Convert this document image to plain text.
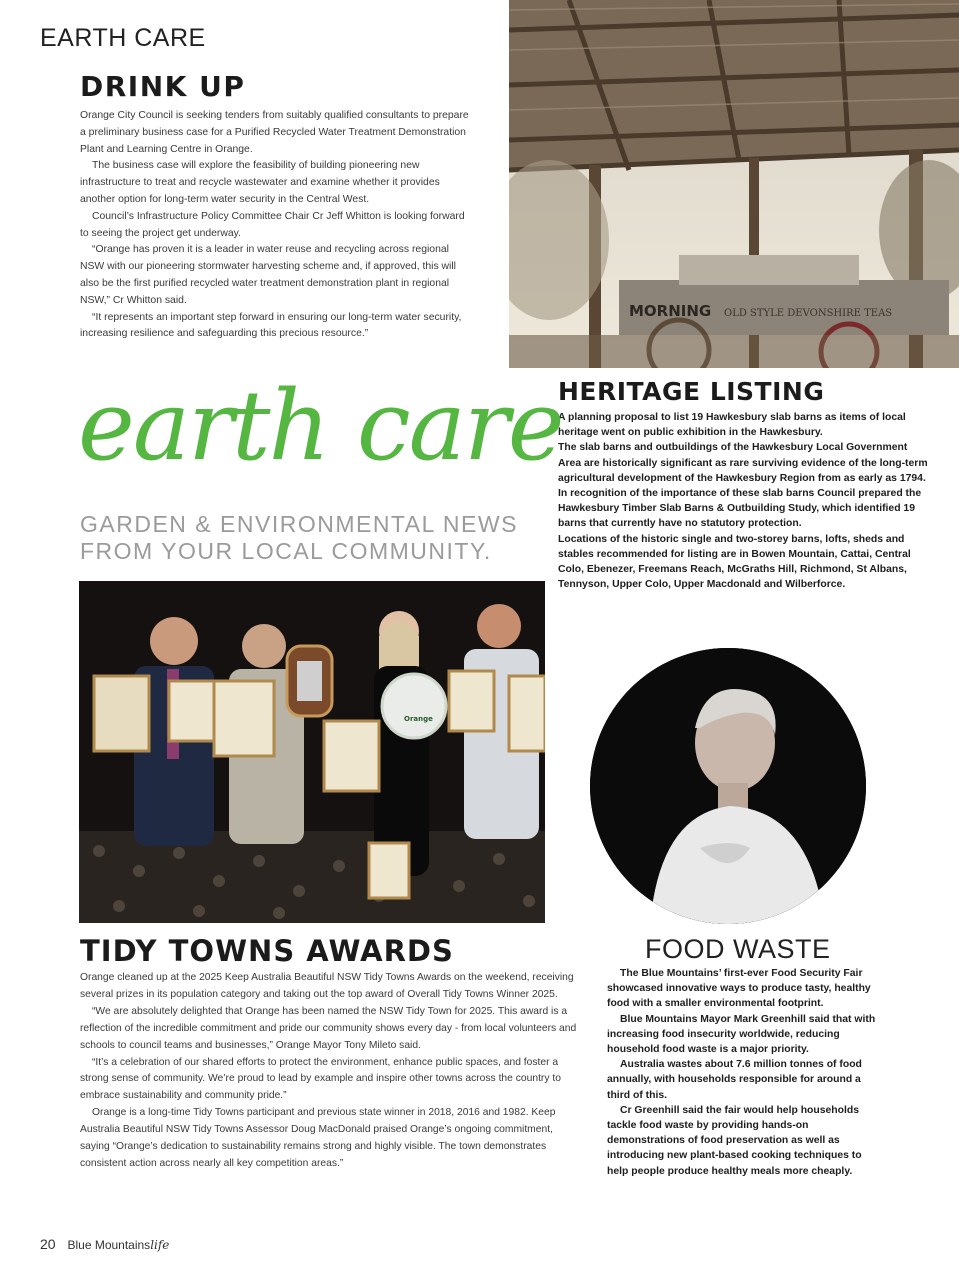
EARTH CARE
MORNING OLD STYLE DEVONSHIRE TEAS
DRINK UP

Orange City Council is seeking tenders from suitably qualified consultants to prepare a preliminary business case for a Purified Recycled Water Treatment Demonstration Plant and Learning Centre in Orange.

The business case will explore the feasibility of building pioneering new infrastructure to treat and recycle wastewater and examine whether it provides another option for long-term water security in the Central West.

Council’s Infrastructure Policy Committee Chair Cr Jeff Whitton is looking forward to seeing the project get underway.

“Orange has proven it is a leader in water reuse and recycling across regional NSW with our pioneering stormwater harvesting scheme and, if approved, this will also be the first purified recycled water treatment demonstration plant in regional NSW,” Cr Whitton said.

“It represents an important step forward in ensuring our long-term water security, increasing resilience and safeguarding this precious resource.”

HERITAGE LISTING

A planning proposal to list 19 Hawkesbury slab barns as items of local heritage went on public exhibition in the Hawkesbury.

The slab barns and outbuildings of the Hawkesbury Local Government Area are historically significant as rare surviving evidence of the long-term agricultural development of the Hawkesbury Region from as early as 1794.

In recognition of the importance of these slab barns Council prepared the Hawkesbury Timber Slab Barns & Outbuilding Study, which identified 19 barns that currently have no statutory protection.

Locations of the historic single and two-storey barns, lofts, sheds and stables recommended for listing are in Bowen Mountain, Cattai, Central Colo, Ebenezer, Freemans Reach, McGraths Hill, Richmond, St Albans, Tennyson, Upper Colo, Upper Macdonald and Wilberforce.

earth care
GARDEN & ENVIRONMENTAL NEWS
FROM YOUR LOCAL COMMUNITY.
Orange
TIDY TOWNS AWARDS

Orange cleaned up at the 2025 Keep Australia Beautiful NSW Tidy Towns Awards on the weekend, receiving several prizes in its population category and taking out the top award of Overall Tidy Towns Winner 2025.

“We are absolutely delighted that Orange has been named the NSW Tidy Town for 2025. This award is a reflection of the incredible commitment and pride our community shows every day - from local volunteers and schools to council teams and businesses,” Orange Mayor Tony Mileto said.

“It’s a celebration of our shared efforts to protect the environment, enhance public spaces, and foster a strong sense of community. We’re proud to lead by example and inspire other towns across the country to embrace sustainability and community pride.”

Orange is a long-time Tidy Towns participant and previous state winner in 2018, 2016 and 1982. Keep Australia Beautiful NSW Tidy Towns Assessor Doug MacDonald praised Orange’s ongoing commitment, saying “Orange’s dedication to sustainability remains strong and highly visible. The town demonstrates consistent action across nearly all key competition areas.”

FOOD WASTE

The Blue Mountains’ first-ever Food Security Fair showcased innovative ways to produce tasty, healthy food with a smaller environmental footprint.

Blue Mountains Mayor Mark Greenhill said that with increasing food insecurity worldwide, reducing household food waste is a major priority.

Australia wastes about 7.6 million tonnes of food annually, with households responsible for around a third of this.

Cr Greenhill said the fair would help households tackle food waste by providing hands-on demonstrations of food preservation as well as introducing new plant-based cooking techniques to help people produce healthy meals more cheaply.

20 Blue Mountainslife
